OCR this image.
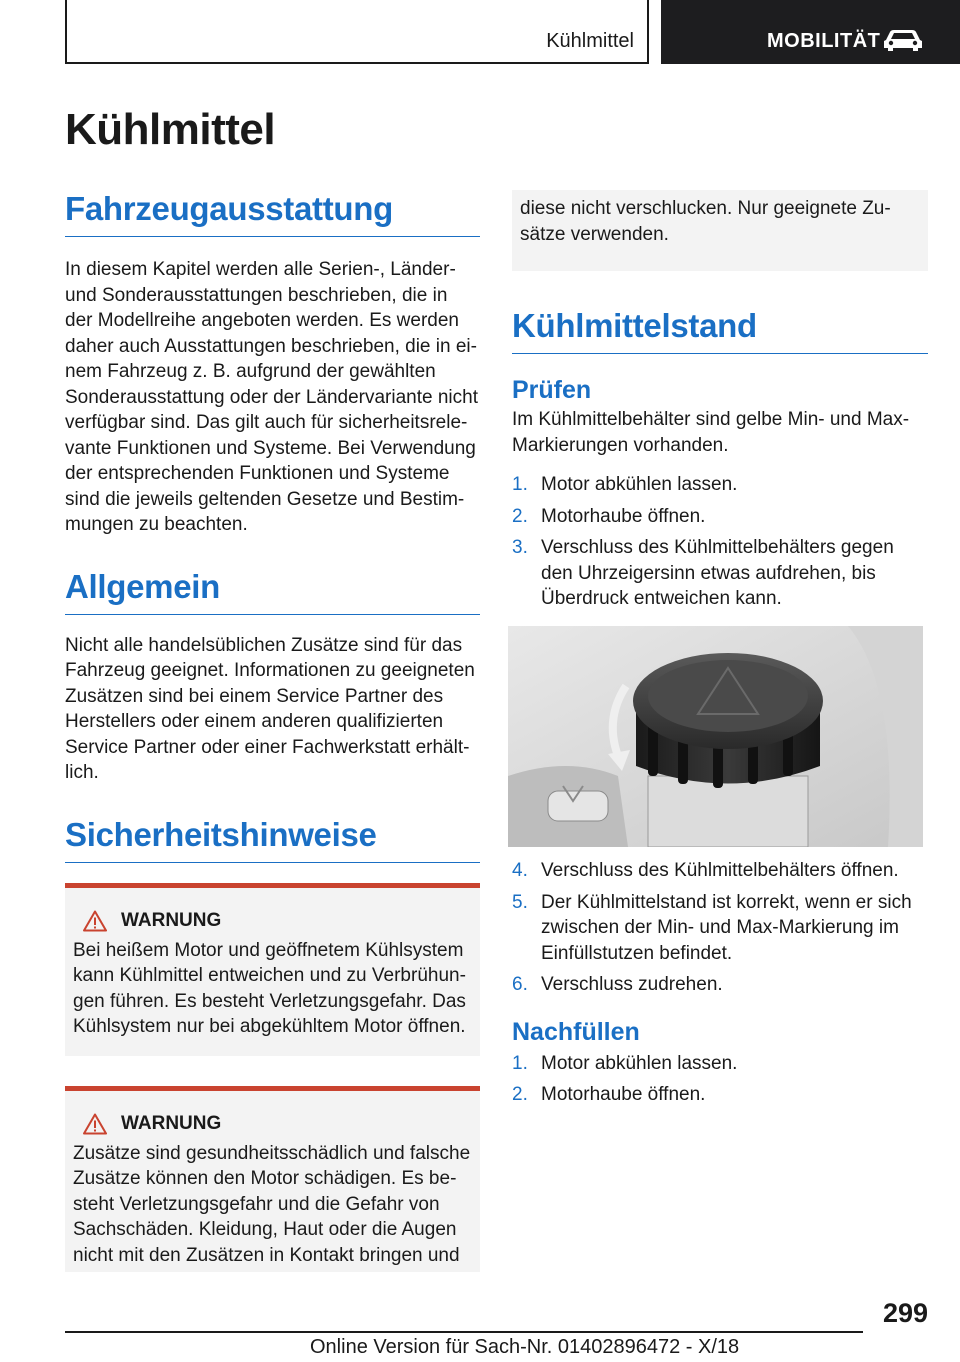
Kühlmittel	MOBILITÄT
Kühlmittel
Fahrzeugausstattung
In diesem Kapitel werden alle Serien-, Länder-
und Sonderausstattungen beschrieben, die in
der Modellreihe angeboten werden. Es werden
daher auch Ausstattungen beschrieben, die in ei-
nem Fahrzeug z. B. aufgrund der gewählten
Sonderausstattung oder der Ländervariante nicht
verfügbar sind. Das gilt auch für sicherheitsrele-
vante Funktionen und Systeme. Bei Verwendung
der entsprechenden Funktionen und Systeme
sind die jeweils geltenden Gesetze und Bestim-
mungen zu beachten.
Allgemein
Nicht alle handelsüblichen Zusätze sind für das
Fahrzeug geeignet. Informationen zu geeigneten
Zusätzen sind bei einem Service Partner des
Herstellers oder einem anderen qualifizierten
Service Partner oder einer Fachwerkstatt erhält-
lich.
Sicherheitshinweise
WARNUNG
Bei heißem Motor und geöffnetem Kühlsystem
kann Kühlmittel entweichen und zu Verbrühun-
gen führen. Es besteht Verletzungsgefahr. Das
Kühlsystem nur bei abgekühltem Motor öffnen.
WARNUNG
Zusätze sind gesundheitsschädlich und falsche
Zusätze können den Motor schädigen. Es be-
steht Verletzungsgefahr und die Gefahr von
Sachschäden. Kleidung, Haut oder die Augen
nicht mit den Zusätzen in Kontakt bringen und
diese nicht verschlucken. Nur geeignete Zu-
sätze verwenden.
Kühlmittelstand
Prüfen
Im Kühlmittelbehälter sind gelbe Min- und Max-
Markierungen vorhanden.
1. Motor abkühlen lassen.
2. Motorhaube öffnen.
3. Verschluss des Kühlmittelbehälters gegen
den Uhrzeigersinn etwas aufdrehen, bis
Überdruck entweichen kann.
4. Verschluss des Kühlmittelbehälters öffnen.
5. Der Kühlmittelstand ist korrekt, wenn er sich
zwischen der Min- und Max-Markierung im
Einfüllstutzen befindet.
6. Verschluss zudrehen.
Nachfüllen
1. Motor abkühlen lassen.
2. Motorhaube öffnen.
299
Online Version für Sach-Nr. 01402896472 - X/18
